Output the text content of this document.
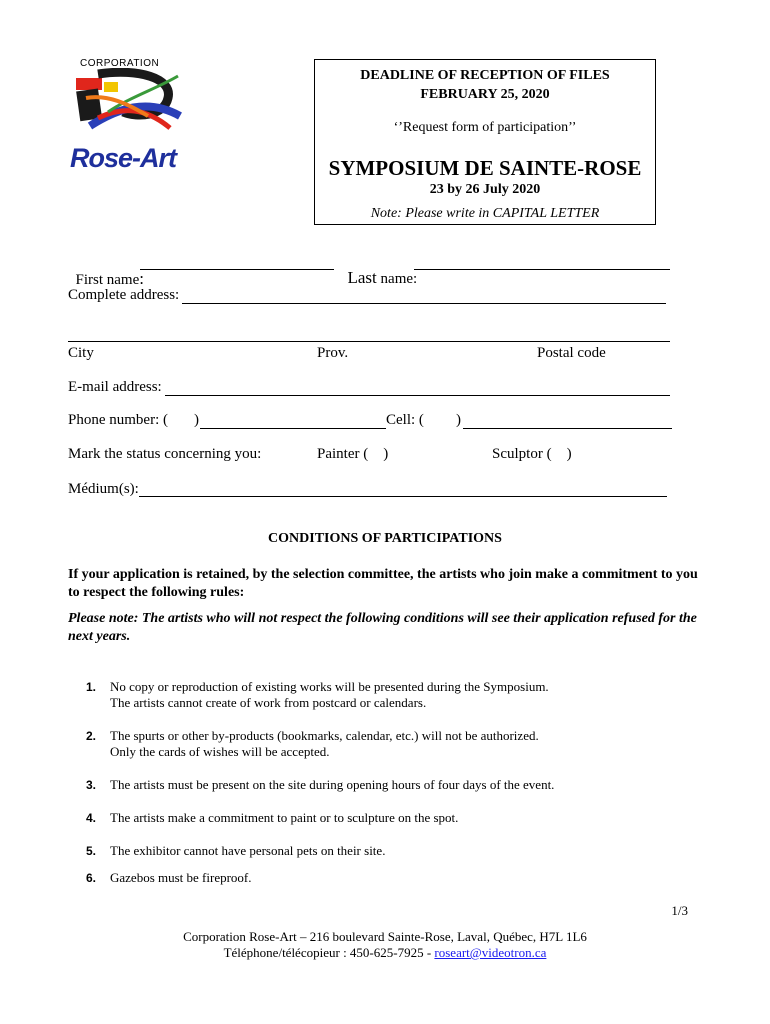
CORPORATION
Rose-Art
DEADLINE OF RECEPTION OF FILES
FEBRUARY 25, 2020
‘’Request form of participation’’
SYMPOSIUM DE SAINTE-ROSE
23 by 26 July 2020
Note: Please write in CAPITAL LETTER

First name:	Last name:

Complete address:
City	Prov.	Postal code
E-mail address:
Phone number: ( )	Cell: ( )
Mark the status concerning you:	Painter (    )	Sculptor (    )
Médium(s):
CONDITIONS OF PARTICIPATIONS
If your application is retained, by the selection committee, the artists who join make a commitment to you to respect the following rules:
Please note: The artists who will not respect the following conditions will see their application refused for the next years.
1. No copy or reproduction of existing works will be presented during the Symposium.
The artists cannot create of work from postcard or calendars.
2. The spurts or other by-products (bookmarks, calendar, etc.) will not be authorized.
Only the cards of wishes will be accepted.
3. The artists must be present on the site during opening hours of four days of the event.
4. The artists make a commitment to paint or to sculpture on the spot.
5. The exhibitor cannot have personal pets on their site.
6. Gazebos must be fireproof.
1/3
Corporation Rose-Art – 216 boulevard Sainte-Rose, Laval, Québec, H7L 1L6
Téléphone/télécopieur : 450-625-7925 - roseart@videotron.ca
